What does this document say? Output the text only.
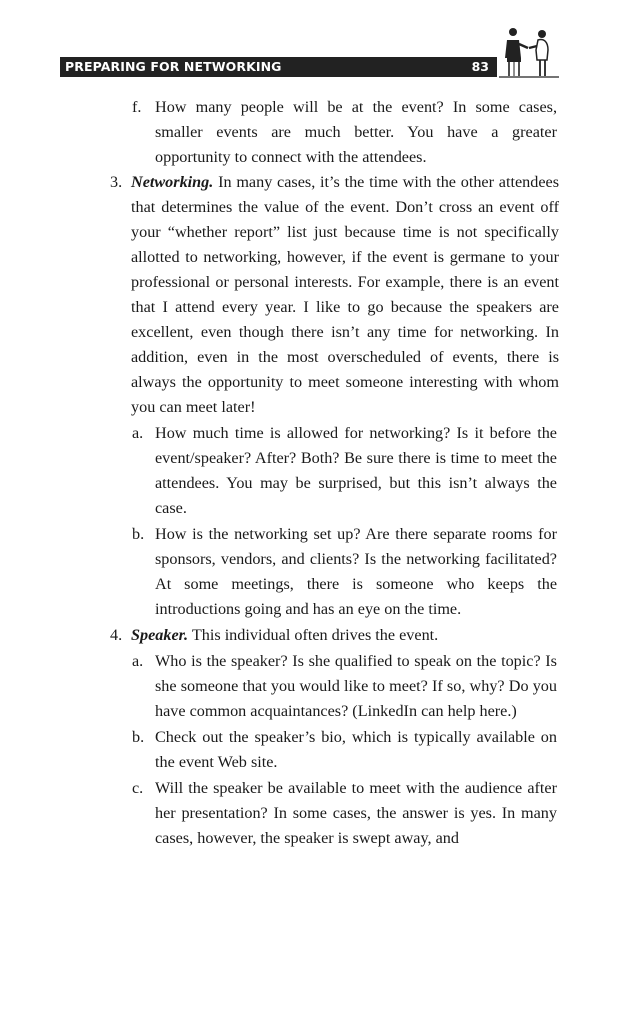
PREPARING FOR NETWORKING	83
f. How many people will be at the event? In some cases, smaller events are much better. You have a greater opportunity to connect with the attendees.
3. Networking. In many cases, it’s the time with the other attendees that determines the value of the event. Don’t cross an event off your “whether report” list just because time is not specifically allotted to networking, however, if the event is germane to your professional or personal interests. For example, there is an event that I attend every year. I like to go because the speakers are excellent, even though there isn’t any time for networking. In addition, even in the most overscheduled of events, there is always the opportunity to meet someone interesting with whom you can meet later!
a. How much time is allowed for networking? Is it before the event/speaker? After? Both? Be sure there is time to meet the attendees. You may be surprised, but this isn’t always the case.
b. How is the networking set up? Are there separate rooms for sponsors, vendors, and clients? Is the networking facilitated? At some meetings, there is someone who keeps the introductions going and has an eye on the time.
4. Speaker. This individual often drives the event.
a. Who is the speaker? Is she qualified to speak on the topic? Is she someone that you would like to meet? If so, why? Do you have common acquaintances? (LinkedIn can help here.)
b. Check out the speaker’s bio, which is typically available on the event Web site.
c. Will the speaker be available to meet with the audience after her presentation? In some cases, the answer is yes. In many cases, however, the speaker is swept away, and
